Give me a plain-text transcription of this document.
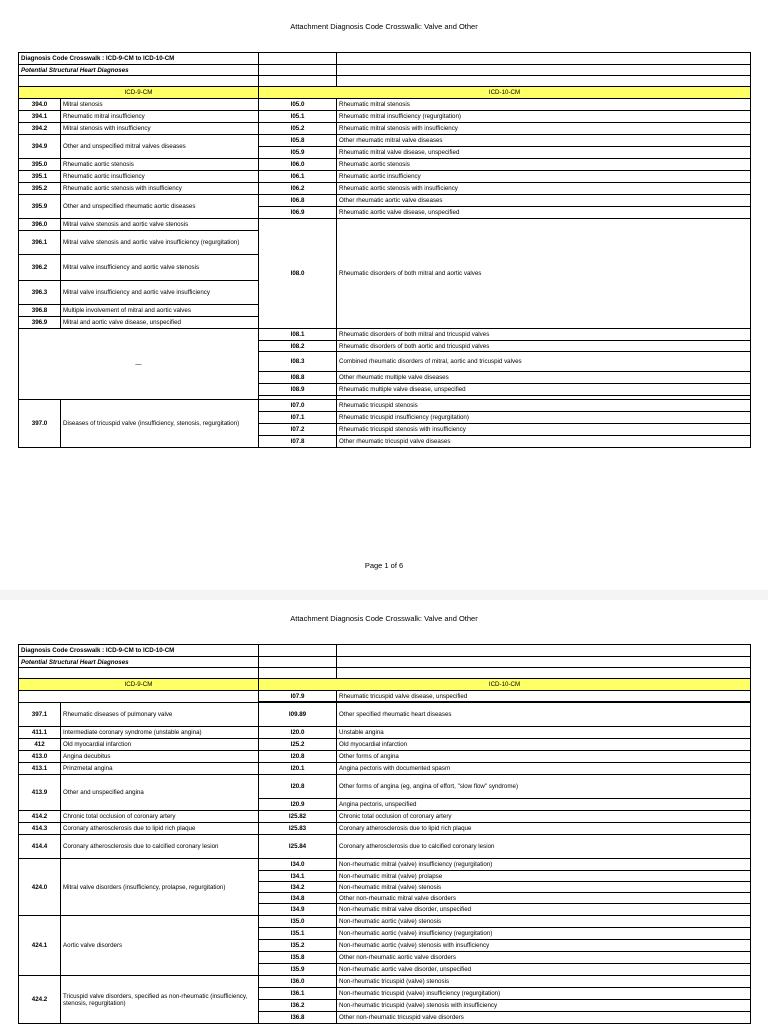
Attachment Diagnosis Code Crosswalk: Valve and Other
Diagnosis Code Crosswalk : ICD-9-CM to ICD-10-CM			
Potential Structural Heart Diagnoses			

ICD-9-CM		ICD-10-CM	
394.0	Mitral stenosis	I05.0	Rheumatic mitral stenosis
394.1	Rheumatic mitral insufficiency	I05.1	Rheumatic mitral insufficiency (regurgitation)
394.2	Mitral stenosis with insufficiency	I05.2	Rheumatic mitral stenosis with insufficiency
394.9	Other and unspecified mitral valves diseases	I05.8	Other rheumatic mitral valve diseases
		I05.9	Rheumatic mitral valve disease, unspecified
395.0	Rheumatic aortic stenosis	I06.0	Rheumatic aortic stenosis
395.1	Rheumatic aortic insufficiency	I06.1	Rheumatic aortic insufficiency
395.2	Rheumatic aortic stenosis with insufficiency	I06.2	Rheumatic aortic stenosis with insufficiency
395.9	Other and unspecified rheumatic aortic diseases	I06.8	Other rheumatic aortic valve diseases
		I06.9	Rheumatic aortic valve disease, unspecified
396.0	Mitral valve stenosis and aortic valve stenosis	I08.0	Rheumatic disorders of both mitral and aortic valves
396.1	Mitral valve stenosis and aortic valve insufficiency (regurgitation)		
396.2	Mitral valve insufficiency and aortic valve stenosis		
396.3	Mitral valve insufficiency and aortic valve insufficiency		
396.8	Multiple involvement of mitral and aortic valves		
396.9	Mitral and aortic valve disease, unspecified		
—		I08.1	Rheumatic disorders of both mitral and tricuspid valves
		I08.2	Rheumatic disorders of both aortic and tricuspid valves
		I08.3	Combined rheumatic disorders of mitral, aortic and tricuspid valves
		I08.8	Other rheumatic multiple valve diseases
		I08.9	Rheumatic multiple valve disease, unspecified

397.0	Diseases of tricuspid valve (insufficiency, stenosis, regurgitation)	I07.0	Rheumatic tricuspid stenosis
		I07.1	Rheumatic tricuspid insufficiency (regurgitation)
		I07.2	Rheumatic tricuspid stenosis with insufficiency
		I07.8	Other rheumatic tricuspid valve diseases
Page 1 of 6
Attachment Diagnosis Code Crosswalk: Valve and Other
Diagnosis Code Crosswalk : ICD-9-CM to ICD-10-CM			
Potential Structural Heart Diagnoses			

ICD-9-CM		ICD-10-CM	
		I07.9	Rheumatic tricuspid valve disease, unspecified

397.1	Rheumatic diseases of pulmonary valve	I09.89	Other specified rheumatic heart diseases
411.1	Intermediate coronary syndrome (unstable angina)	I20.0	Unstable angina
412	Old myocardial infarction	I25.2	Old myocardial infarction
413.0	Angina decubitus	I20.8	Other forms of angina
413.1	Prinzmetal angina	I20.1	Angina pectoris with documented spasm
413.9	Other and unspecified angina	I20.8	Other forms of angina (eg, angina of effort, "slow flow" syndrome)
		I20.9	Angina pectoris, unspecified
414.2	Chronic total occlusion of coronary artery	I25.82	Chronic total occlusion of coronary artery
414.3	Coronary atherosclerosis due to lipid rich plaque	I25.83	Coronary atherosclerosis due to lipid rich plaque
414.4	Coronary atherosclerosis due to calcified coronary lesion	I25.84	Coronary atherosclerosis due to calcified coronary lesion
424.0	Mitral valve disorders (insufficiency, prolapse, regurgitation)	I34.0	Non-rheumatic mitral (valve) insufficiency (regurgitation)
		I34.1	Non-rheumatic mitral (valve) prolapse
		I34.2	Non-rheumatic mitral (valve) stenosis
		I34.8	Other non-rheumatic mitral valve disorders
		I34.9	Non-rheumatic mitral valve disorder, unspecified
424.1	Aortic valve disorders	I35.0	Non-rheumatic aortic (valve) stenosis
		I35.1	Non-rheumatic aortic (valve) insufficiency (regurgitation)
		I35.2	Non-rheumatic aortic (valve) stenosis with insufficiency
		I35.8	Other non-rheumatic aortic valve disorders
		I35.9	Non-rheumatic aortic valve disorder, unspecified
424.2	Tricuspid valve disorders, specified as non-rheumatic (insufficiency, stenosis, regurgitation)	I36.0	Non-rheumatic tricuspid (valve) stenosis
		I36.1	Non-rheumatic tricuspid (valve) insufficiency (regurgitation)
		I36.2	Non-rheumatic tricuspid (valve) stenosis with insufficiency
		I36.8	Other non-rheumatic tricuspid valve disorders
